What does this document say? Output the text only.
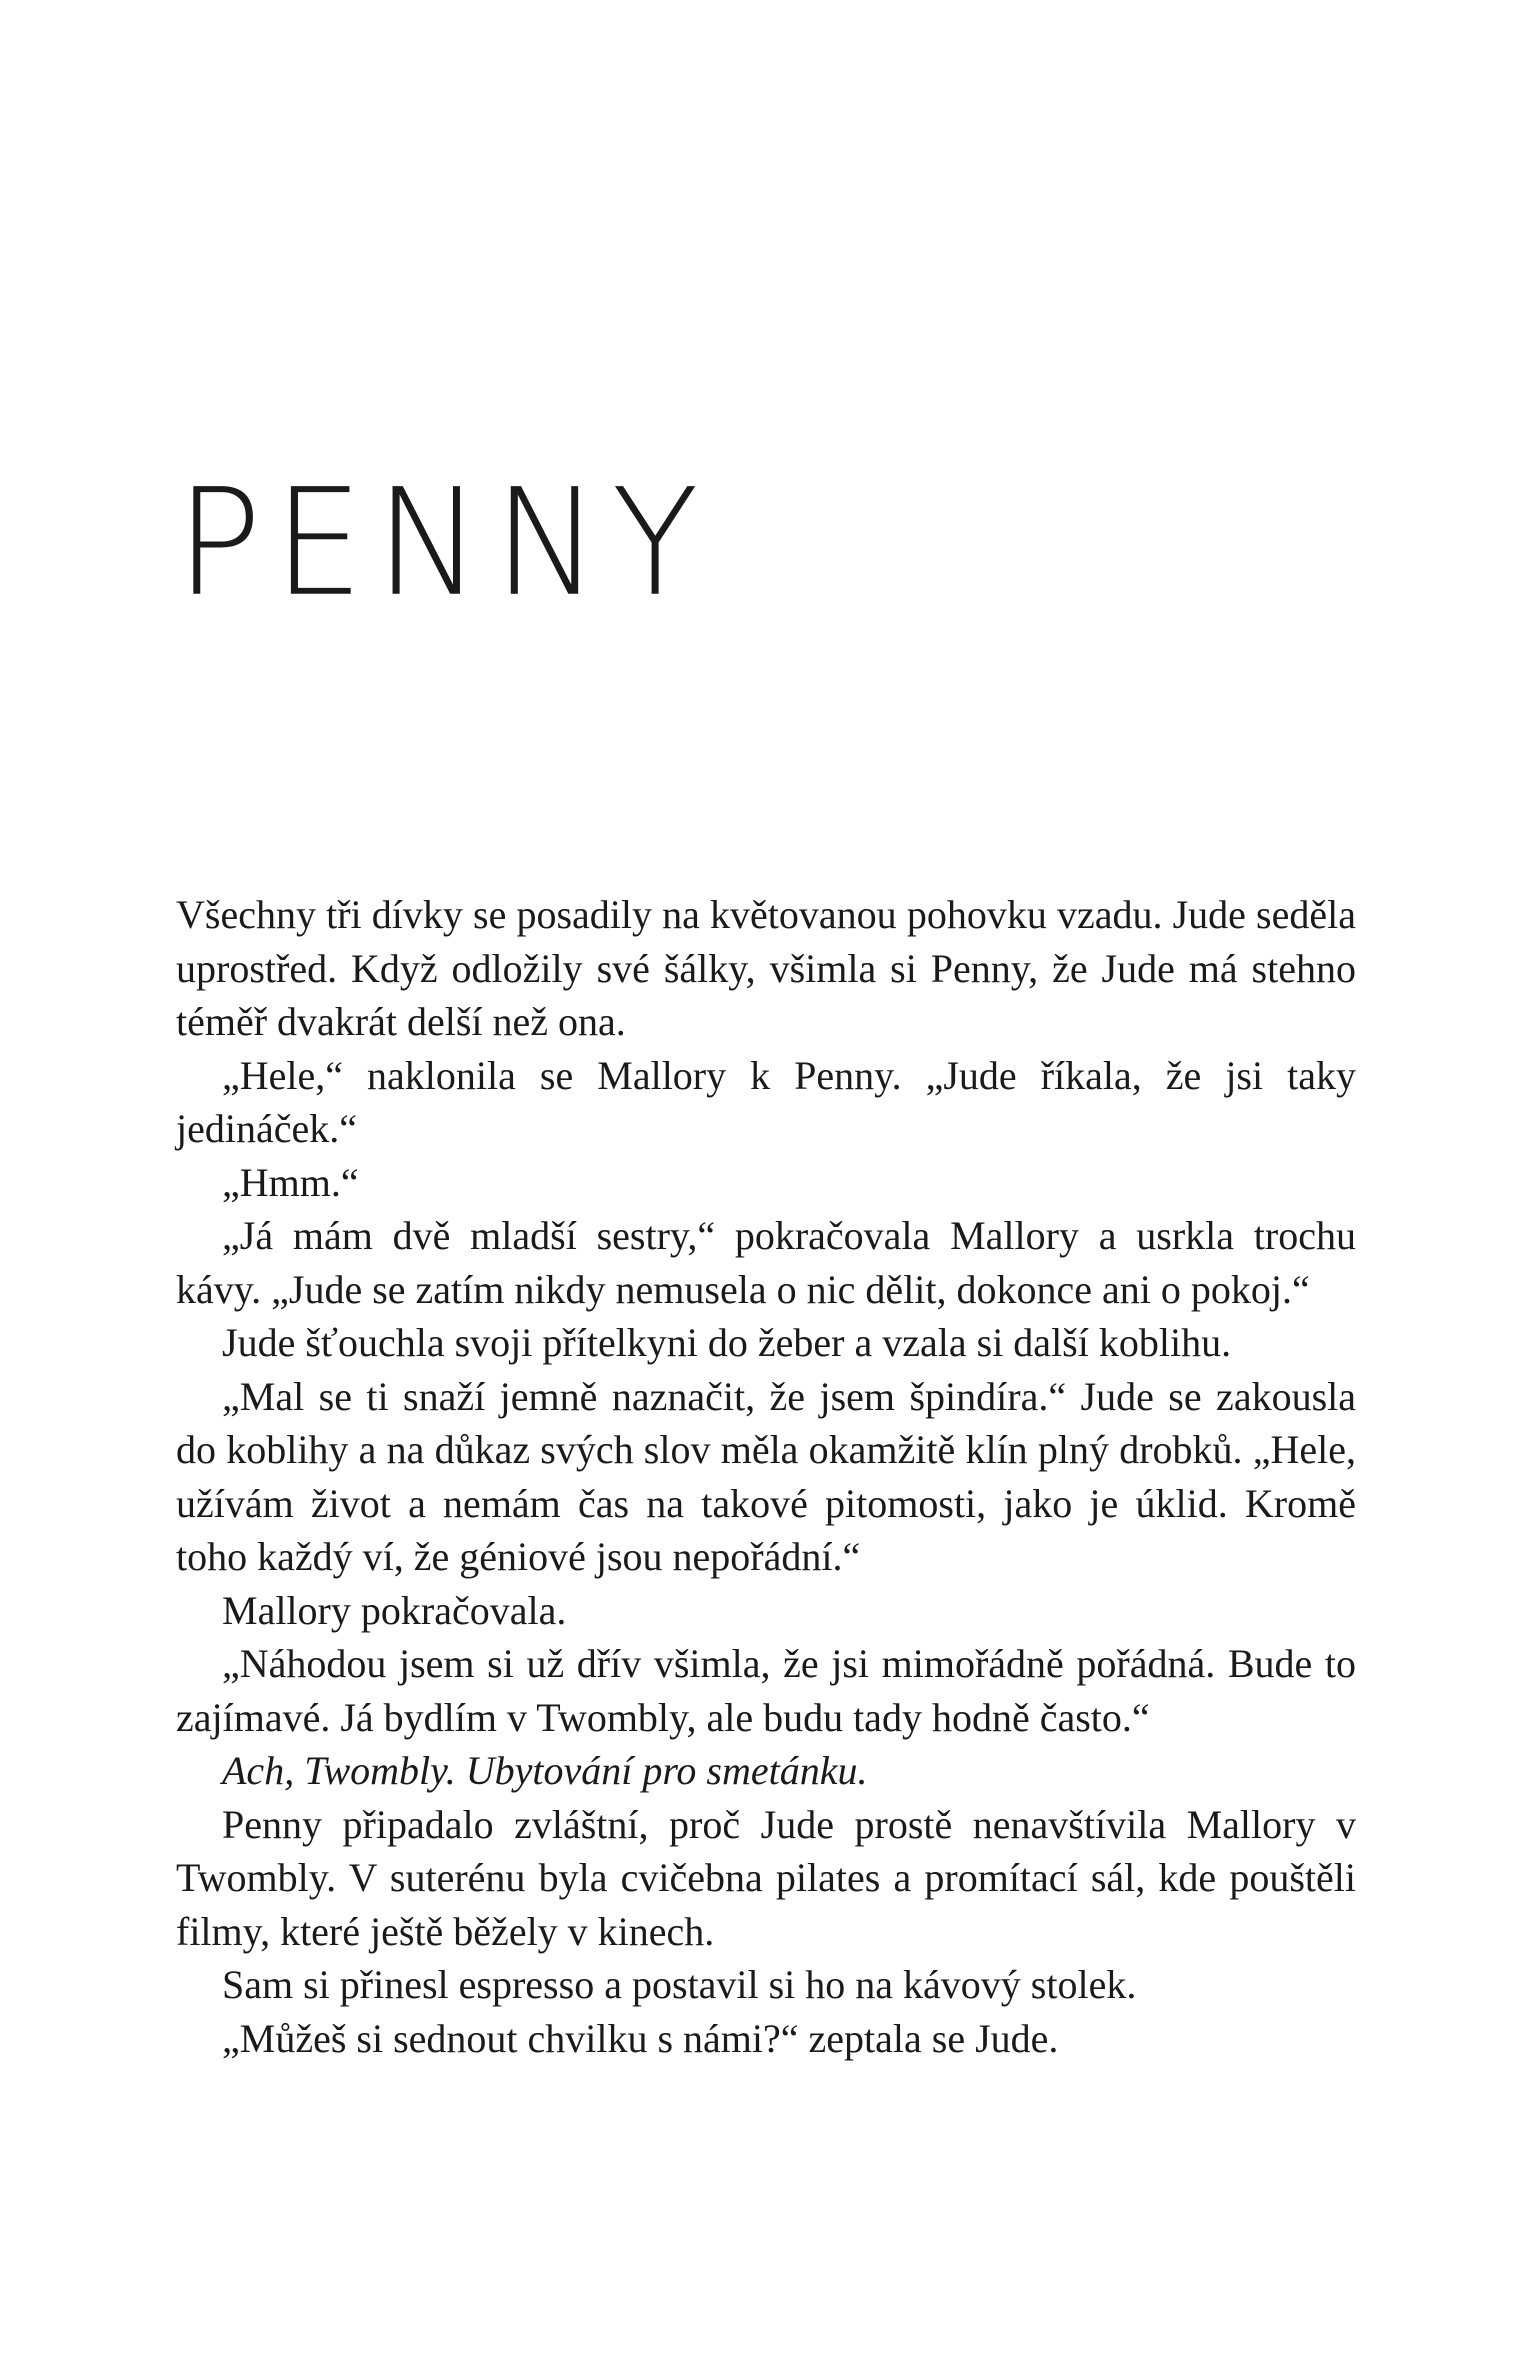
PENNY

Všechny tři dívky se posadily na květovanou pohovku vzadu. Jude seděla uprostřed. Když odložily své šálky, všimla si Penny, že Jude má stehno téměř dvakrát delší než ona.

„Hele,“ naklonila se Mallory k Penny. „Jude říkala, že jsi taky jedináček.“

„Hmm.“

„Já mám dvě mladší sestry,“ pokračovala Mallory a usrkla trochu kávy. „Jude se zatím nikdy nemusela o nic dělit, dokonce ani o pokoj.“

Jude šťouchla svoji přítelkyni do žeber a vzala si další koblihu.

„Mal se ti snaží jemně naznačit, že jsem špindíra.“ Jude se zakousla do koblihy a na důkaz svých slov měla okamžitě klín plný drobků. „Hele, užívám život a nemám čas na takové pitomosti, jako je úklid. Kromě toho každý ví, že géniové jsou nepořádní.“

Mallory pokračovala.

„Náhodou jsem si už dřív všimla, že jsi mimořádně pořádná. Bude to zajímavé. Já bydlím v Twombly, ale budu tady hodně často.“

Ach, Twombly. Ubytování pro smetánku.

Penny připadalo zvláštní, proč Jude prostě nenavštívila Mallory v Twombly. V suterénu byla cvičebna pilates a promítací sál, kde pouštěli filmy, které ještě běžely v kinech.

Sam si přinesl espresso a postavil si ho na kávový stolek.

„Můžeš si sednout chvilku s námi?“ zeptala se Jude.
